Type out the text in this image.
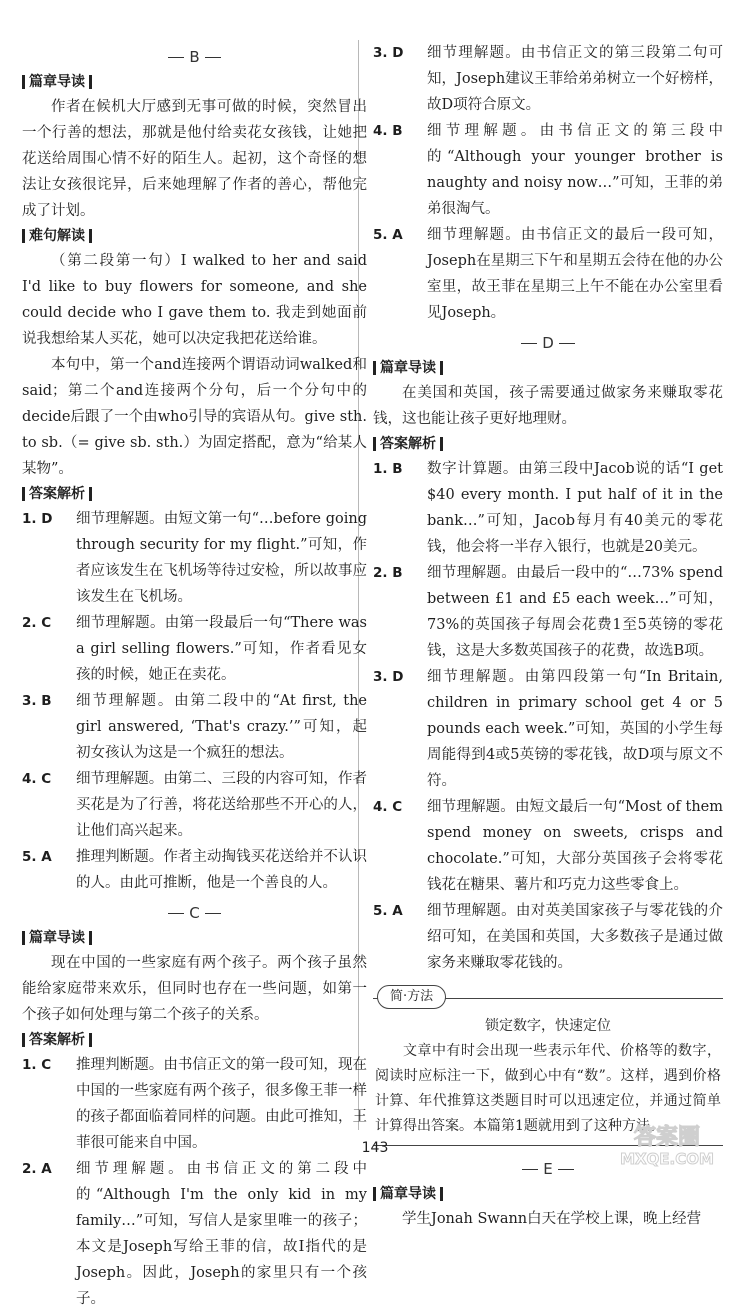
B
篇章导读

作者在候机大厅感到无事可做的时候，突然冒出一个行善的想法，那就是他付给卖花女孩钱，让她把花送给周围心情不好的陌生人。起初，这个奇怪的想法让女孩很诧异，后来她理解了作者的善心，帮他完成了计划。

难句解读

（第二段第一句）I walked to her and said I'd like to buy flowers for someone, and she could decide who I gave them to. 我走到她面前说我想给某人买花，她可以决定我把花送给谁。

本句中，第一个and连接两个谓语动词walked和said；第二个and连接两个分句，后一个分句中的decide后跟了一个由who引导的宾语从句。give sth. to sb.（= give sb. sth.）为固定搭配，意为“给某人某物”。

答案解析
1. D	细节理解题。由短文第一句“…before going through security for my flight.”可知，作者应该发生在飞机场等待过安检，所以故事应该发生在飞机场。
2. C	细节理解题。由第一段最后一句“There was a girl selling flowers.”可知，作者看见女孩的时候，她正在卖花。
3. B	细节理解题。由第二段中的“At first, the girl answered, ‘That's crazy.’”可知，起初女孩认为这是一个疯狂的想法。
4. C	细节理解题。由第二、三段的内容可知，作者买花是为了行善，将花送给那些不开心的人，让他们高兴起来。
5. A	推理判断题。作者主动掏钱买花送给并不认识的人。由此可推断，他是一个善良的人。
C
篇章导读

现在中国的一些家庭有两个孩子。两个孩子虽然能给家庭带来欢乐，但同时也存在一些问题，如第一个孩子如何处理与第二个孩子的关系。

答案解析
1. C	推理判断题。由书信正文的第一段可知，现在中国的一些家庭有两个孩子，很多像王菲一样的孩子都面临着同样的问题。由此可推知，王菲很可能来自中国。
2. A	细节理解题。由书信正文的第二段中的“Although I'm the only kid in my family…”可知，写信人是家里唯一的孩子；本文是Joseph写给王菲的信，故I指代的是Joseph。因此，Joseph的家里只有一个孩子。
3. D	细节理解题。由书信正文的第三段第二句可知，Joseph建议王菲给弟弟树立一个好榜样，故D项符合原文。
4. B	细节理解题。由书信正文的第三段中的“Although your younger brother is naughty and noisy now…”可知，王菲的弟弟很淘气。
5. A	细节理解题。由书信正文的最后一段可知，Joseph在星期三下午和星期五会待在他的办公室里，故王菲在星期三上午不能在办公室里看见Joseph。
D
篇章导读

在美国和英国，孩子需要通过做家务来赚取零花钱，这也能让孩子更好地理财。

答案解析
1. B	数字计算题。由第三段中Jacob说的话“I get $40 every month. I put half of it in the bank…”可知，Jacob每月有40美元的零花钱，他会将一半存入银行，也就是20美元。
2. B	细节理解题。由最后一段中的“…73% spend between £1 and £5 each week…”可知，73%的英国孩子每周会花费1至5英镑的零花钱，这是大多数英国孩子的花费，故选B项。
3. D	细节理解题。由第四段第一句“In Britain, children in primary school get 4 or 5 pounds each week.”可知，英国的小学生每周能得到4或5英镑的零花钱，故D项与原文不符。
4. C	细节理解题。由短文最后一句“Most of them spend money on sweets, crisps and chocolate.”可知，大部分英国孩子会将零花钱花在糖果、薯片和巧克力这些零食上。
5. A	细节理解题。由对英美国家孩子与零花钱的介绍可知，在美国和英国，大多数孩子是通过做家务来赚取零花钱的。
简·方法
锁定数字，快速定位

文章中有时会出现一些表示年代、价格等的数字，阅读时应标注一下，做到心中有“数”。这样，遇到价格计算、年代推算这类题目时可以迅速定位，并通过简单计算得出答案。本篇第1题就用到了这种方法。

E
篇章导读

学生Jonah Swann白天在学校上课，晚上经营

143	答案圈
MXQE.COM
